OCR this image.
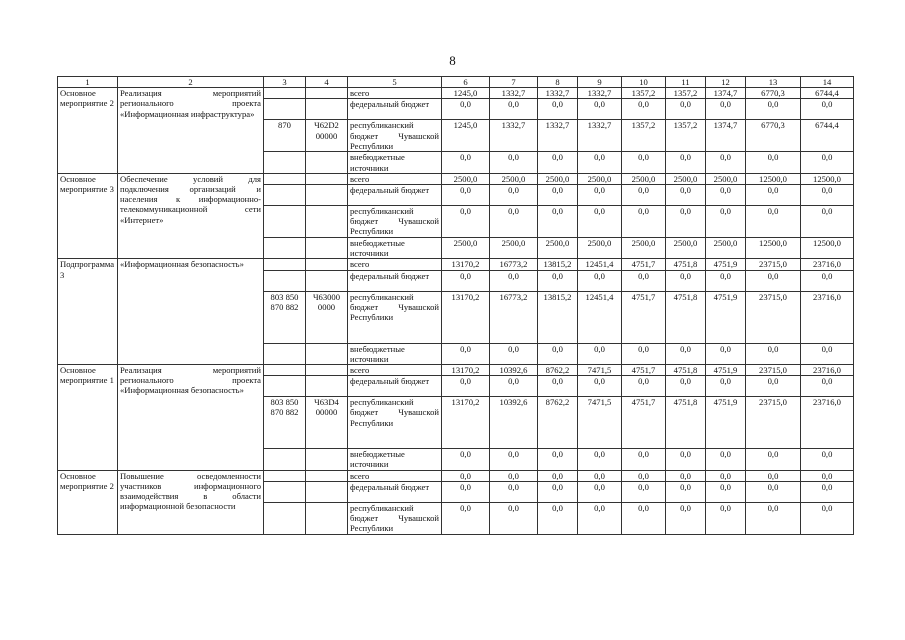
8
1	2	3	4	5	6	7	8	9	10	11	12	13	14
Основное мероприятие 2	Реализация мероприятий регионального проекта «Информационная инфраструктура»			всего	1245,0	1332,7	1332,7	1332,7	1357,2	1357,2	1374,7	6770,3	6744,4
				федеральный бюджет	0,0	0,0	0,0	0,0	0,0	0,0	0,0	0,0	0,0
		870	Ч62D2 00000	республиканский бюджет Чувашской Республики	1245,0	1332,7	1332,7	1332,7	1357,2	1357,2	1374,7	6770,3	6744,4
				внебюджетные источники	0,0	0,0	0,0	0,0	0,0	0,0	0,0	0,0	0,0
Основное мероприятие 3	Обеспечение условий для подключения организаций и населения к информационно-телекоммуникационной сети «Интернет»			всего	2500,0	2500,0	2500,0	2500,0	2500,0	2500,0	2500,0	12500,0	12500,0
				федеральный бюджет	0,0	0,0	0,0	0,0	0,0	0,0	0,0	0,0	0,0
				республиканский бюджет Чувашской Республики	0,0	0,0	0,0	0,0	0,0	0,0	0,0	0,0	0,0
				внебюджетные источники	2500,0	2500,0	2500,0	2500,0	2500,0	2500,0	2500,0	12500,0	12500,0
Подпрограмма 3	«Информационная безопасность»			всего	13170,2	16773,2	13815,2	12451,4	4751,7	4751,8	4751,9	23715,0	23716,0
				федеральный бюджет	0,0	0,0	0,0	0,0	0,0	0,0	0,0	0,0	0,0
		803 850 870 882	Ч63000 0000	республиканский бюджет Чувашской Республики	13170,2	16773,2	13815,2	12451,4	4751,7	4751,8	4751,9	23715,0	23716,0
				внебюджетные источники	0,0	0,0	0,0	0,0	0,0	0,0	0,0	0,0	0,0
Основное мероприятие 1	Реализация мероприятий регионального проекта «Информационная безопасность»			всего	13170,2	10392,6	8762,2	7471,5	4751,7	4751,8	4751,9	23715,0	23716,0
				федеральный бюджет	0,0	0,0	0,0	0,0	0,0	0,0	0,0	0,0	0,0
		803 850 870 882	Ч63D4 00000	республиканский бюджет Чувашской Республики	13170,2	10392,6	8762,2	7471,5	4751,7	4751,8	4751,9	23715,0	23716,0
				внебюджетные источники	0,0	0,0	0,0	0,0	0,0	0,0	0,0	0,0	0,0
Основное мероприятие 2	Повышение осведомленности участников информационного взаимодействия в области информационной безопасности			всего	0,0	0,0	0,0	0,0	0,0	0,0	0,0	0,0	0,0
				федеральный бюджет	0,0	0,0	0,0	0,0	0,0	0,0	0,0	0,0	0,0
				республиканский бюджет Чувашской Республики	0,0	0,0	0,0	0,0	0,0	0,0	0,0	0,0	0,0
